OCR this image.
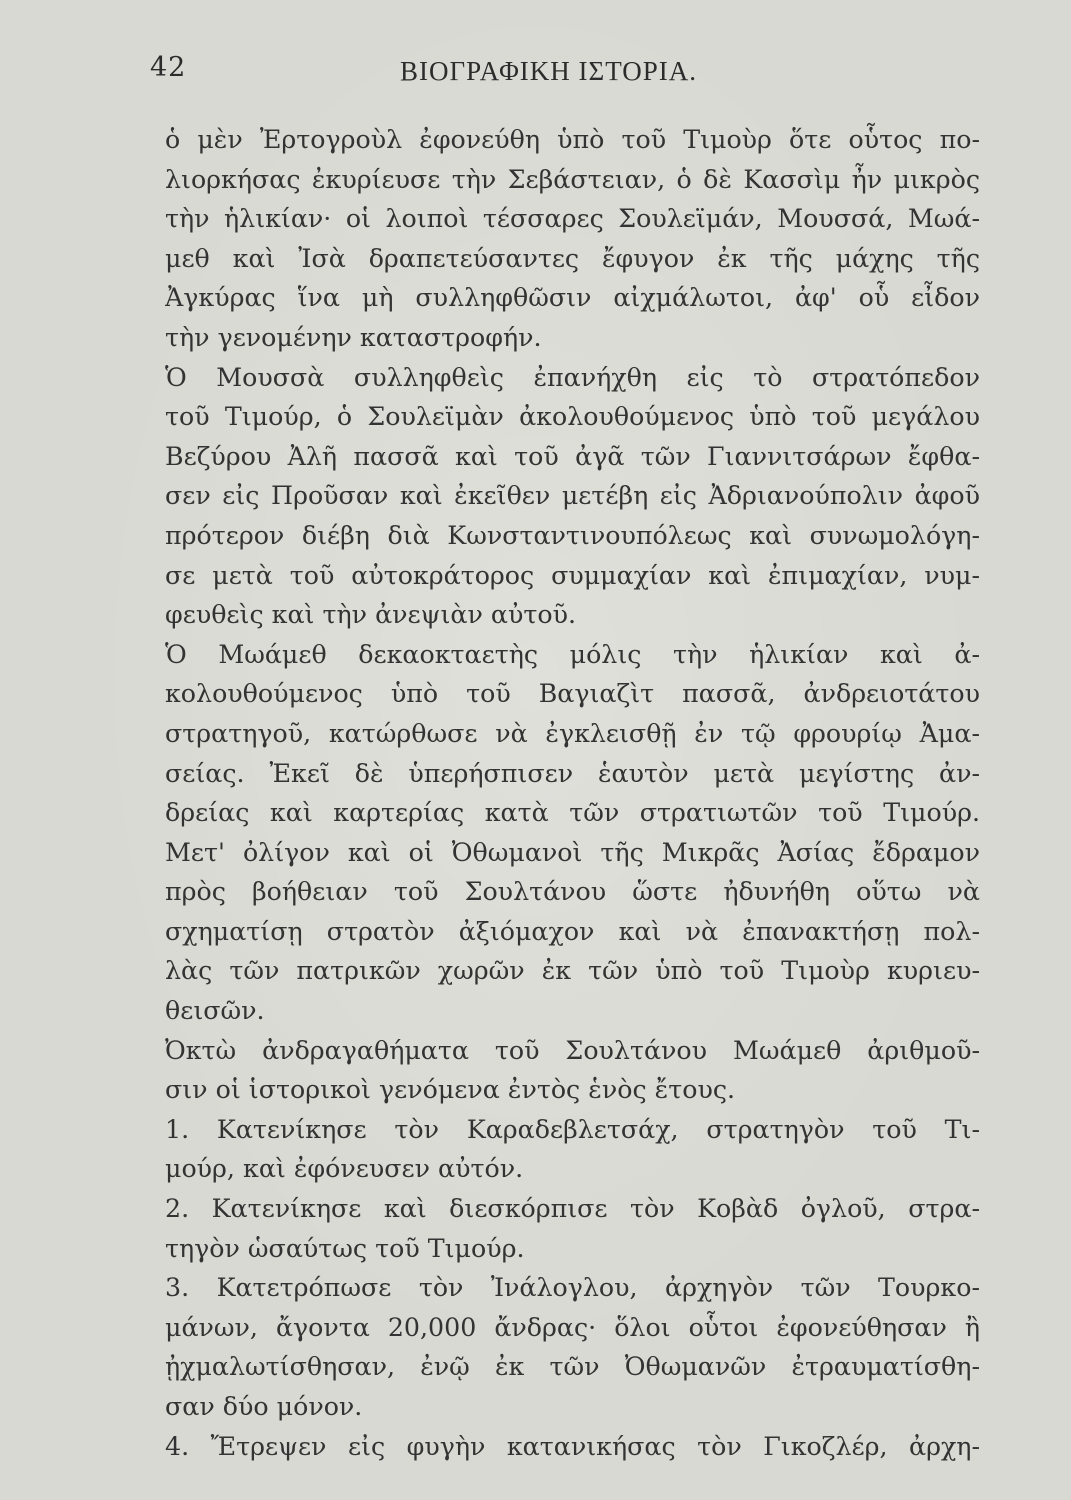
42	ΒΙΟΓΡΑΦΙΚΗ ΙΣΤΟΡΙΑ.
ὁ μὲν Ἐρτογροὺλ ἐφονεύθη ὑπὸ τοῦ Τιμοὺρ ὅτε οὗτος πο-
λιορκήσας ἐκυρίευσε τὴν Σεβάστειαν, ὁ δὲ Κασσὶμ ἦν μικρὸς
τὴν ἡλικίαν· οἱ λοιποὶ τέσσαρες Σουλεϊμάν, Μουσσά, Μωά-
μεθ καὶ Ἰσὰ δραπετεύσαντες ἔφυγον ἐκ τῆς μάχης τῆς
Ἀγκύρας ἵνα μὴ συλληφθῶσιν αἰχμάλωτοι, ἀφ' οὗ εἶδον
τὴν γενομένην καταστροφήν.
Ὁ Μουσσὰ συλληφθεὶς ἐπανήχθη εἰς τὸ στρατόπεδον
τοῦ Τιμούρ, ὁ Σουλεϊμὰν ἀκολουθούμενος ὑπὸ τοῦ μεγάλου
Βεζύρου Ἀλῆ πασσᾶ καὶ τοῦ ἀγᾶ τῶν Γιαννιτσάρων ἔφθα-
σεν εἰς Προῦσαν καὶ ἐκεῖθεν μετέβη εἰς Ἀδριανούπολιν ἀφοῦ
πρότερον διέβη διὰ Κωνσταντινουπόλεως καὶ συνωμολόγη-
σε μετὰ τοῦ αὐτοκράτορος συμμαχίαν καὶ ἐπιμαχίαν, νυμ-
φευθεὶς καὶ τὴν ἀνεψιὰν αὐτοῦ.
Ὁ Μωάμεθ δεκαοκταετὴς μόλις τὴν ἡλικίαν καὶ ἀ-
κολουθούμενος ὑπὸ τοῦ Βαγιαζὶτ πασσᾶ, ἀνδρειοτάτου
στρατηγοῦ, κατώρθωσε νὰ ἐγκλεισθῇ ἐν τῷ φρουρίῳ Ἀμα-
σείας. Ἐκεῖ δὲ ὑπερήσπισεν ἑαυτὸν μετὰ μεγίστης ἀν-
δρείας καὶ καρτερίας κατὰ τῶν στρατιωτῶν τοῦ Τιμούρ.
Μετ' ὀλίγον καὶ οἱ Ὀθωμανοὶ τῆς Μικρᾶς Ἀσίας ἔδραμον
πρὸς βοήθειαν τοῦ Σουλτάνου ὥστε ἠδυνήθη οὕτω νὰ
σχηματίσῃ στρατὸν ἀξιόμαχον καὶ νὰ ἐπανακτήσῃ πολ-
λὰς τῶν πατρικῶν χωρῶν ἐκ τῶν ὑπὸ τοῦ Τιμοὺρ κυριευ-
θεισῶν.
Ὀκτὼ ἀνδραγαθήματα τοῦ Σουλτάνου Μωάμεθ ἀριθμοῦ-
σιν οἱ ἱστορικοὶ γενόμενα ἐντὸς ἑνὸς ἔτους.
1. Κατενίκησε τὸν Καραδεβλετσάχ, στρατηγὸν τοῦ Τι-
μούρ, καὶ ἐφόνευσεν αὐτόν.
2. Κατενίκησε καὶ διεσκόρπισε τὸν Κοβὰδ ὀγλοῦ, στρα-
τηγὸν ὡσαύτως τοῦ Τιμούρ.
3. Κατετρόπωσε τὸν Ἰνάλογλου, ἀρχηγὸν τῶν Τουρκο-
μάνων, ἄγοντα 20,000 ἄνδρας· ὅλοι οὗτοι ἐφονεύθησαν ἢ
ᾐχμαλωτίσθησαν, ἐνῷ ἐκ τῶν Ὀθωμανῶν ἐτραυματίσθη-
σαν δύο μόνον.
4. Ἔτρεψεν εἰς φυγὴν κατανικήσας τὸν Γικοζλέρ, ἀρχη-
